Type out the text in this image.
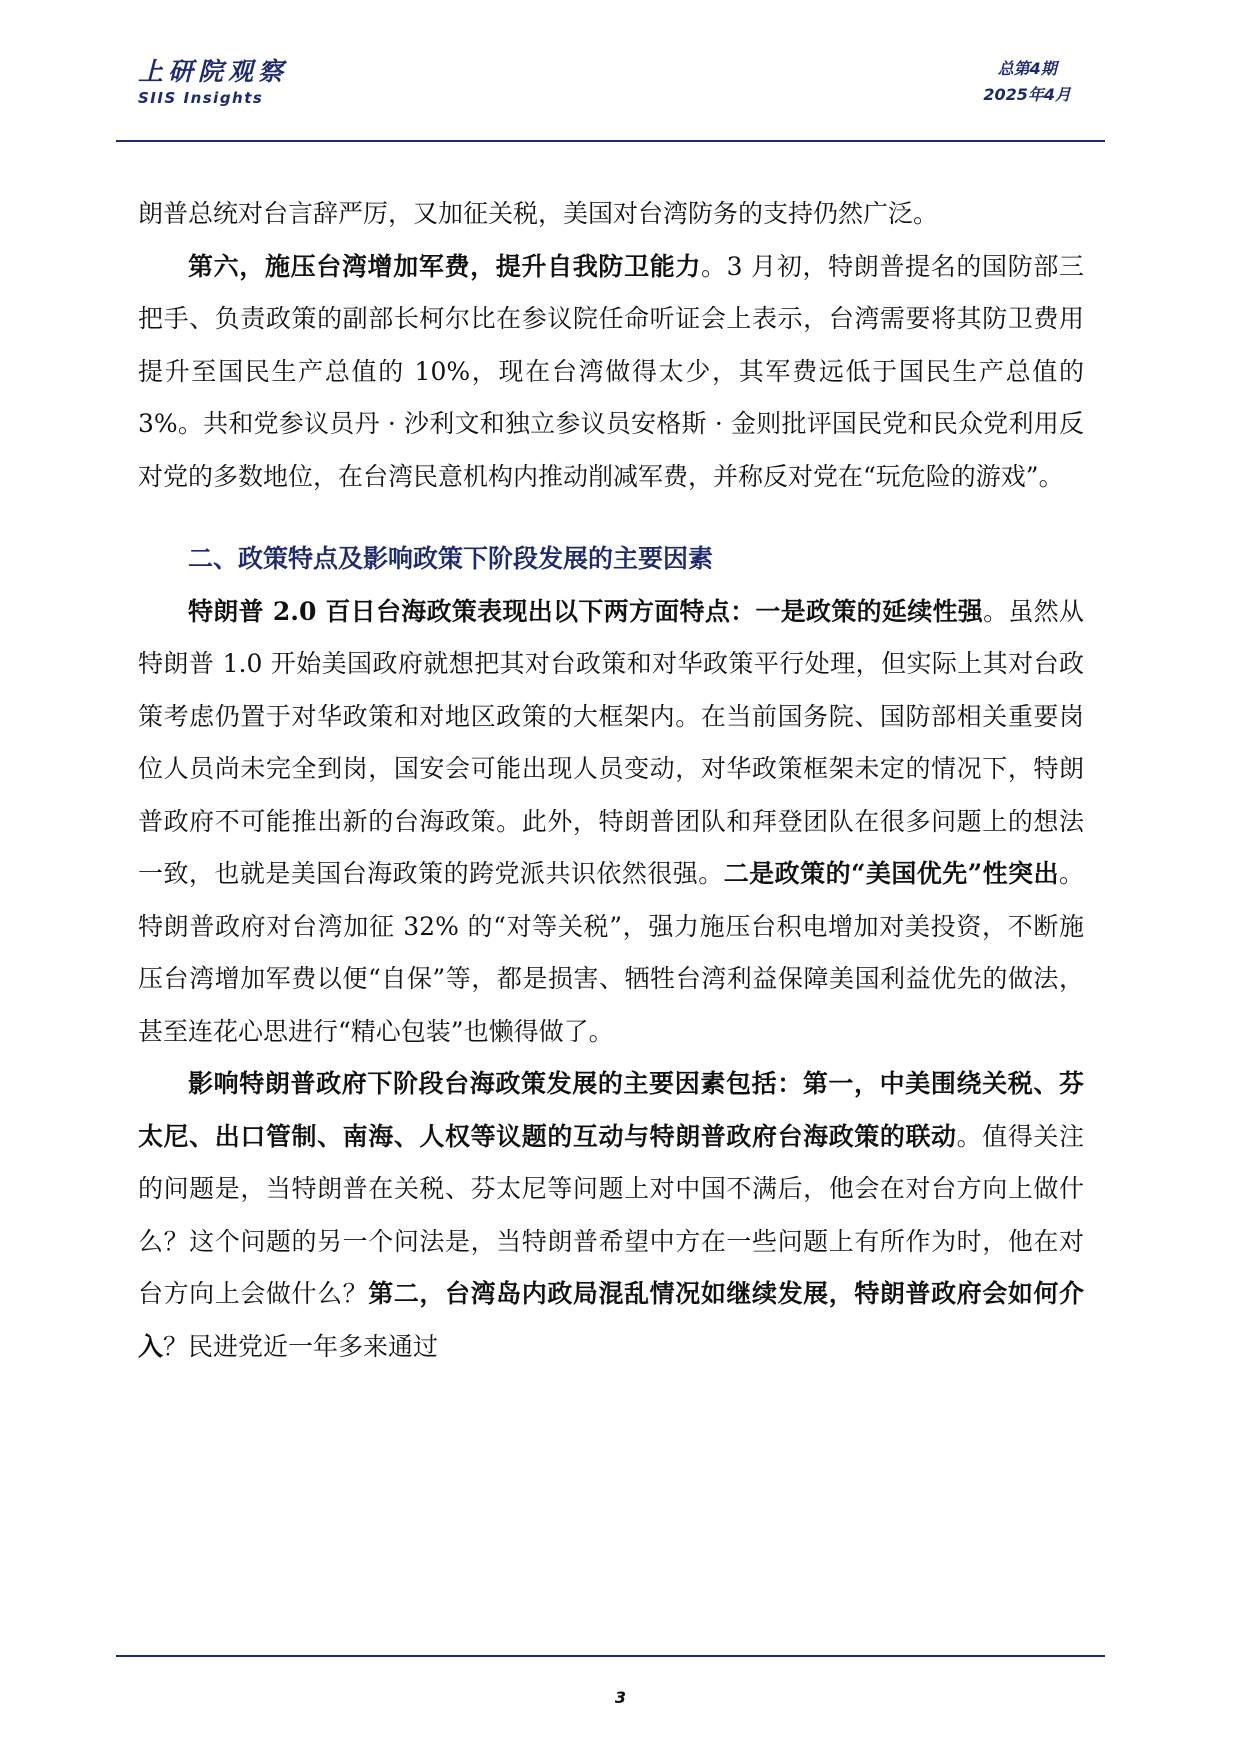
上研院观察
SIIS Insights
总第4期
2025年4月

朗普总统对台言辞严厉，又加征关税，美国对台湾防务的支持仍然广泛。

第六，施压台湾增加军费，提升自我防卫能力。3 月初，特朗普提名的国防部三把手、负责政策的副部长柯尔比在参议院任命听证会上表示，台湾需要将其防卫费用提升至国民生产总值的 10%，现在台湾做得太少，其军费远低于国民生产总值的 3%。共和党参议员丹 · 沙利文和独立参议员安格斯 · 金则批评国民党和民众党利用反对党的多数地位，在台湾民意机构内推动削减军费，并称反对党在“玩危险的游戏”。

二、政策特点及影响政策下阶段发展的主要因素

特朗普 2.0 百日台海政策表现出以下两方面特点：一是政策的延续性强。虽然从特朗普 1.0 开始美国政府就想把其对台政策和对华政策平行处理，但实际上其对台政策考虑仍置于对华政策和对地区政策的大框架内。在当前国务院、国防部相关重要岗位人员尚未完全到岗，国安会可能出现人员变动，对华政策框架未定的情况下，特朗普政府不可能推出新的台海政策。此外，特朗普团队和拜登团队在很多问题上的想法一致，也就是美国台海政策的跨党派共识依然很强。二是政策的“美国优先”性突出。特朗普政府对台湾加征 32% 的“对等关税”，强力施压台积电增加对美投资，不断施压台湾增加军费以便“自保”等，都是损害、牺牲台湾利益保障美国利益优先的做法，甚至连花心思进行“精心包装”也懒得做了。

影响特朗普政府下阶段台海政策发展的主要因素包括：第一，中美围绕关税、芬太尼、出口管制、南海、人权等议题的互动与特朗普政府台海政策的联动。值得关注的问题是，当特朗普在关税、芬太尼等问题上对中国不满后，他会在对台方向上做什么？这个问题的另一个问法是，当特朗普希望中方在一些问题上有所作为时，他在对台方向上会做什么？第二，台湾岛内政局混乱情况如继续发展，特朗普政府会如何介入？民进党近一年多来通过

3
